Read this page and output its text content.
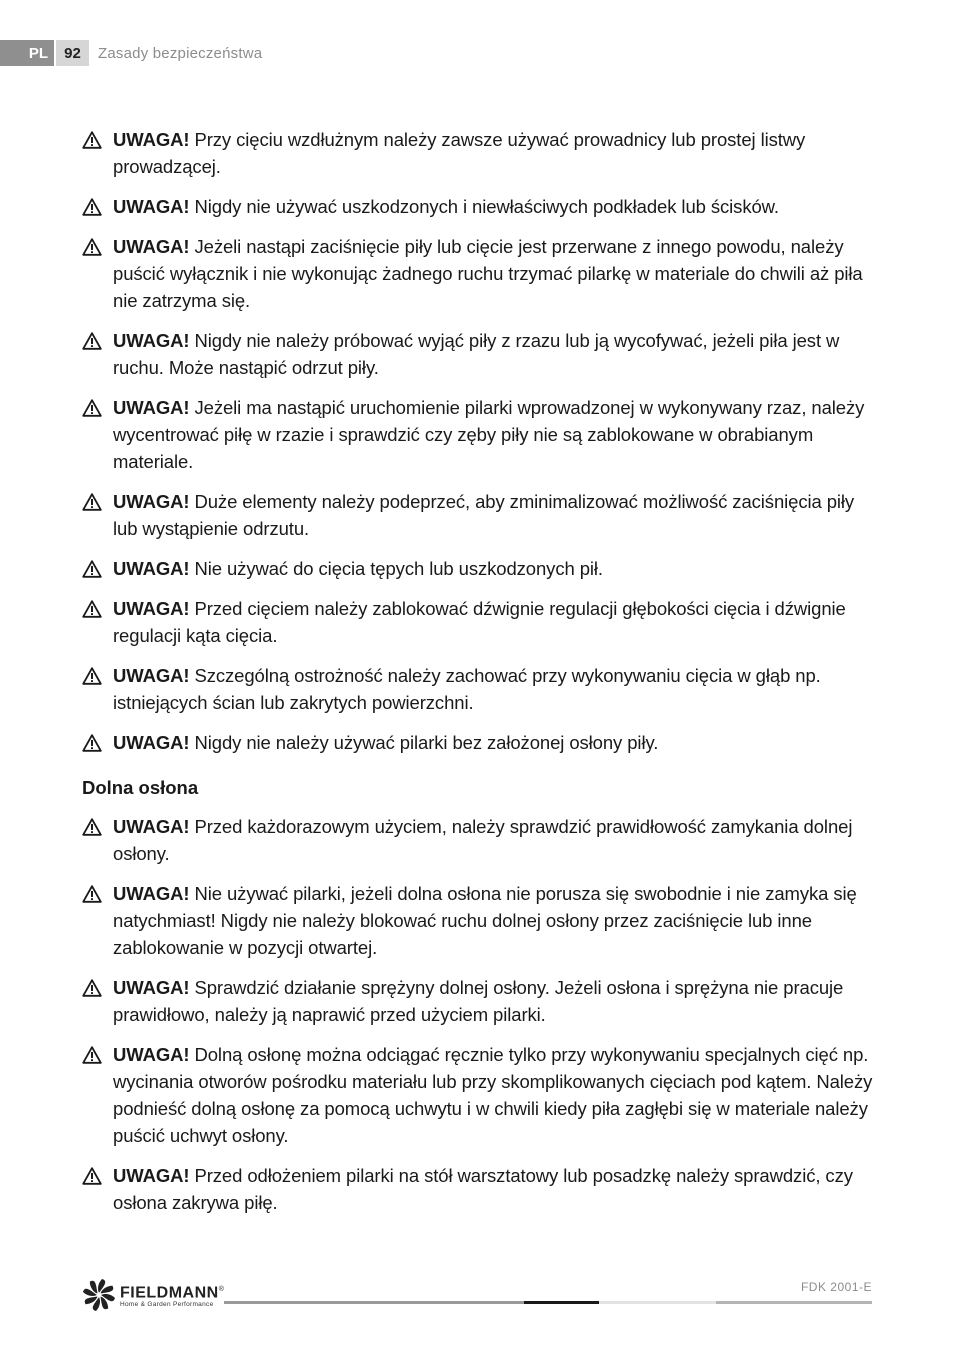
PL	92	Zasady bezpieczeństwa
UWAGA! Przy cięciu wzdłużnym należy zawsze używać prowadnicy lub prostej listwy prowadzącej.
UWAGA! Nigdy nie używać uszkodzonych i niewłaściwych podkładek lub ścisków.
UWAGA! Jeżeli nastąpi zaciśnięcie piły lub cięcie jest przerwane z innego powodu, należy puścić wyłącznik i nie wykonując żadnego ruchu trzymać pilarkę w materiale do chwili aż piła nie zatrzyma się.
UWAGA! Nigdy nie należy próbować wyjąć piły z rzazu lub ją wycofywać, jeżeli piła jest w ruchu. Może nastąpić odrzut piły.
UWAGA! Jeżeli ma nastąpić uruchomienie pilarki wprowadzonej w wykonywany rzaz, należy wycentrować piłę w rzazie i sprawdzić czy zęby piły nie są zablokowane w obrabianym materiale.
UWAGA! Duże elementy należy podeprzeć, aby zminimalizować możliwość zaciśnięcia piły lub wystąpienie odrzutu.
UWAGA! Nie używać do cięcia tępych lub uszkodzonych pił.
UWAGA! Przed cięciem należy zablokować dźwignie regulacji głębokości cięcia i dźwignie regulacji kąta cięcia.
UWAGA! Szczególną ostrożność należy zachować przy wykonywaniu cięcia w głąb np. istniejących ścian lub zakrytych powierzchni.
UWAGA! Nigdy nie należy używać pilarki bez założonej osłony piły.
Dolna osłona
UWAGA! Przed każdorazowym użyciem, należy sprawdzić prawidłowość zamykania dolnej osłony.
UWAGA! Nie używać pilarki, jeżeli dolna osłona nie porusza się swobodnie i nie zamyka się natychmiast! Nigdy nie należy blokować ruchu dolnej osłony przez zaciśnięcie lub inne zablokowanie w pozycji otwartej.
UWAGA! Sprawdzić działanie sprężyny dolnej osłony. Jeżeli osłona i sprężyna nie pracuje prawidłowo, należy ją naprawić przed użyciem pilarki.
UWAGA! Dolną osłonę można odciągać ręcznie tylko przy wykonywaniu specjalnych cięć np. wycinania otworów pośrodku materiału lub przy skomplikowanych cięciach pod kątem. Należy podnieść dolną osłonę za pomocą uchwytu i w chwili kiedy piła zagłębi się w materiale należy puścić uchwyt osłony.
UWAGA! Przed odłożeniem pilarki na stół warsztatowy lub posadzkę należy sprawdzić, czy osłona zakrywa piłę.
FIELDMANN®
Home & Garden Performance
FDK 2001-E
